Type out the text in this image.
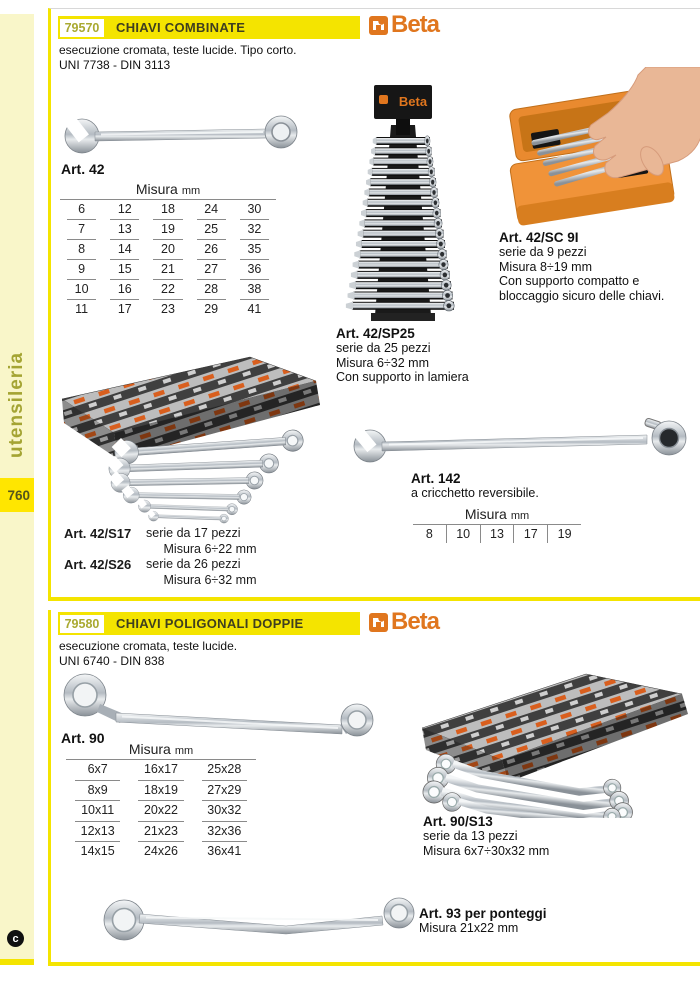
utensileria
760
c
79570	CHIAVI COMBINATE	Beta
esecuzione cromata, teste lucide. Tipo corto.
UNI 7738 - DIN 3113
Art. 42
Misura mm
6	12	18	24	30
7	13	19	25	32
8	14	20	26	35
9	15	21	27	36
10	16	22	28	38
11	17	23	29	41
Beta
Art. 42/SP25
serie da 25 pezzi
Misura 6÷32 mm
Con supporto in lamiera
Art. 42/SC 9I
serie da 9 pezzi
Misura 8÷19 mm
Con supporto compatto e
bloccaggio sicuro delle chiavi.
Art. 42/S17	serie da 17 pezzi
Misura 6÷22 mm
Art. 42/S26	serie da 26 pezzi
Misura 6÷32 mm
Art. 142
a cricchetto reversibile.
Misura mm
8	10	13	17	19
79580	CHIAVI POLIGONALI DOPPIE	Beta
esecuzione cromata, teste lucide.
UNI 6740 - DIN 838
Art. 90
Misura mm
6x7	16x17	25x28
8x9	18x19	27x29
10x11	20x22	30x32
12x13	21x23	32x36
14x15	24x26	36x41
Art. 90/S13
serie da 13 pezzi
Misura 6x7÷30x32 mm
Art. 93 per ponteggi
Misura 21x22 mm
